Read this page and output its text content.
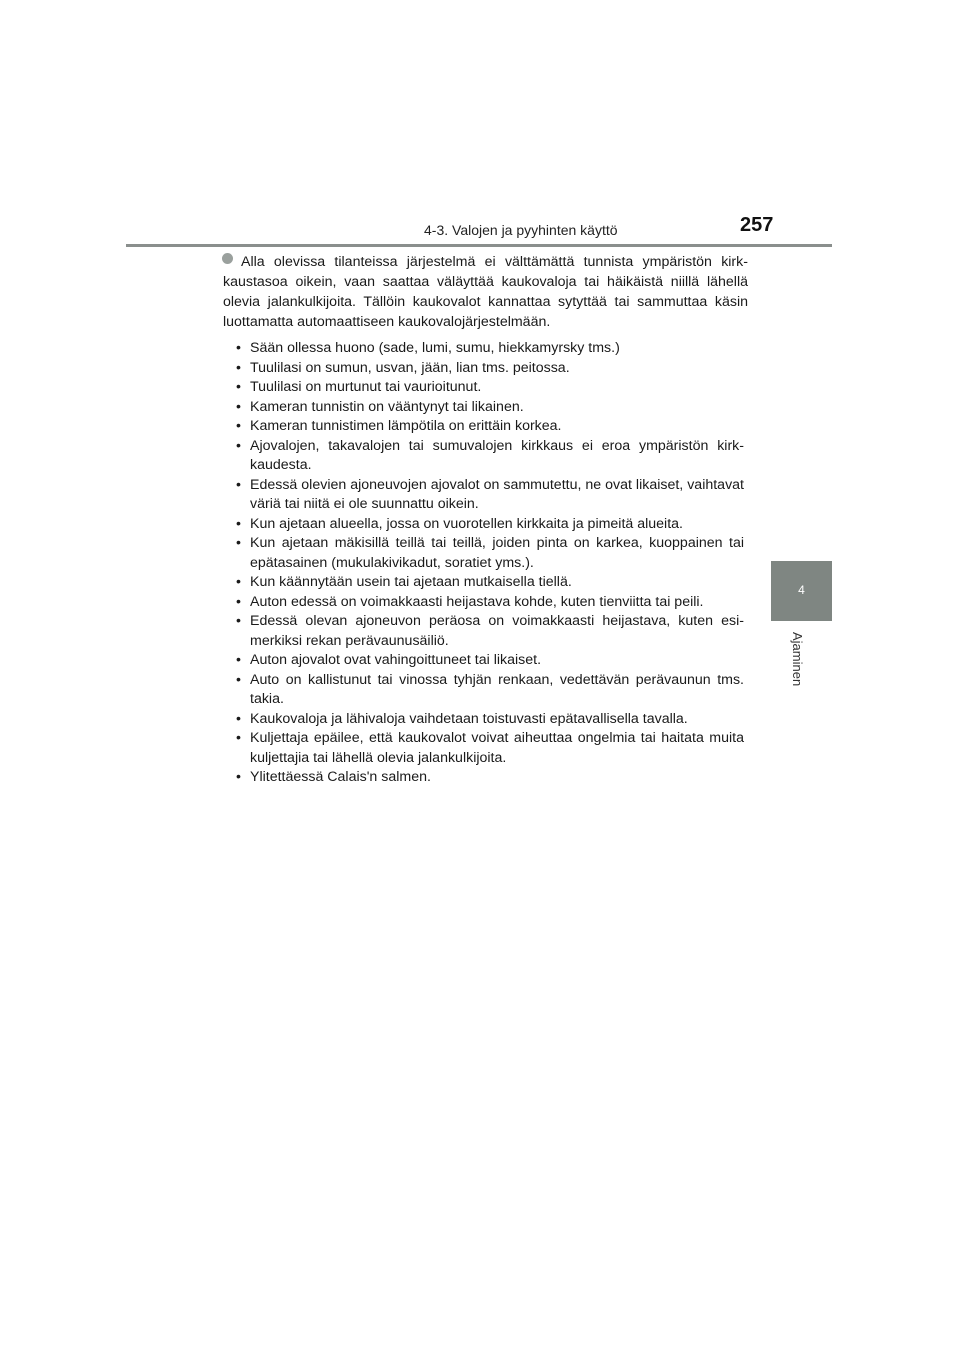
4-3. Valojen ja pyyhinten käyttö	257
4
Ajaminen
Alla olevissa tilanteissa järjestelmä ei välttämättä tunnista ympäristön kirkkaustasoa oikein, vaan saattaa väläyttää kaukovaloja tai häikäistä niillä lähellä olevia jalankulkijoita. Tällöin kaukovalot kannattaa sytyttää tai sammuttaa käsin luottamatta automaattiseen kaukovalojärjestelmään.
• Sään ollessa huono (sade, lumi, sumu, hiekkamyrsky tms.)
• Tuulilasi on sumun, usvan, jään, lian tms. peitossa.
• Tuulilasi on murtunut tai vaurioitunut.
• Kameran tunnistin on vääntynyt tai likainen.
• Kameran tunnistimen lämpötila on erittäin korkea.
• Ajovalojen, takavalojen tai sumuvalojen kirkkaus ei eroa ympäristön kirkkaudesta.
• Edessä olevien ajoneuvojen ajovalot on sammutettu, ne ovat likaiset, vaihtavat väriä tai niitä ei ole suunnattu oikein.
• Kun ajetaan alueella, jossa on vuorotellen kirkkaita ja pimeitä alueita.
• Kun ajetaan mäkisillä teillä tai teillä, joiden pinta on karkea, kuoppainen tai epätasainen (mukulakivikadut, soratiet yms.).
• Kun käännytään usein tai ajetaan mutkaisella tiellä.
• Auton edessä on voimakkaasti heijastava kohde, kuten tienviitta tai peili.
• Edessä olevan ajoneuvon peräosa on voimakkaasti heijastava, kuten esimerkiksi rekan perävaunusäiliö.
• Auton ajovalot ovat vahingoittuneet tai likaiset.
• Auto on kallistunut tai vinossa tyhjän renkaan, vedettävän perävaunun tms. takia.
• Kaukovaloja ja lähivaloja vaihdetaan toistuvasti epätavallisella tavalla.
• Kuljettaja epäilee, että kaukovalot voivat aiheuttaa ongelmia tai haitata muita kuljettajia tai lähellä olevia jalankulkijoita.
• Ylitettäessä Calais'n salmen.
